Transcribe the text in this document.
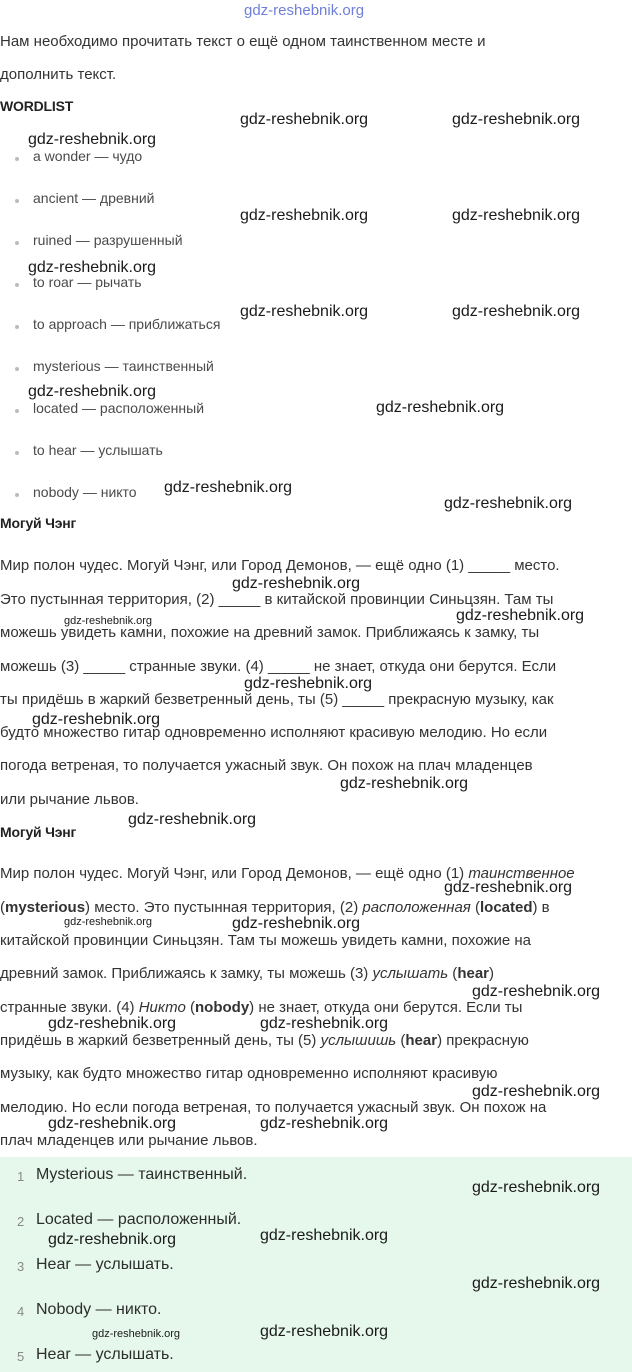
gdz-reshebnik.org
Нам необходимо прочитать текст о ещё одном таинственном месте и
дополнить текст.
WORDLIST
a wonder — чудо
ancient — древний
ruined — разрушенный
to roar — рычать
to approach — приближаться
mysterious — таинственный
located — расположенный
to hear — услышать
nobody — никто
Могуй Чэнг
Мир полон чудес. Могуй Чэнг, или Город Демонов, — ещё одно (1) _____ место.
Это пустынная территория, (2) _____ в китайской провинции Синьцзян. Там ты
можешь увидеть камни, похожие на древний замок. Приближаясь к замку, ты
можешь (3) _____ странные звуки. (4) _____ не знает, откуда они берутся. Если
ты придёшь в жаркий безветренный день, ты (5) _____ прекрасную музыку, как
будто множество гитар одновременно исполняют красивую мелодию. Но если
погода ветреная, то получается ужасный звук. Он похож на плач младенцев
или рычание львов.
Могуй Чэнг
Мир полон чудес. Могуй Чэнг, или Город Демонов, — ещё одно (1) таинственное
(mysterious) место. Это пустынная территория, (2) расположенная (located) в
китайской провинции Синьцзян. Там ты можешь увидеть камни, похожие на
древний замок. Приближаясь к замку, ты можешь (3) услышать (hear)
странные звуки. (4) Никто (nobody) не знает, откуда они берутся. Если ты
придёшь в жаркий безветренный день, ты (5) услышишь (hear) прекрасную
музыку, как будто множество гитар одновременно исполняют красивую
мелодию. Но если погода ветреная, то получается ужасный звук. Он похож на
плач младенцев или рычание львов.
1 Mysterious — таинственный.
2 Located — расположенный.
3 Hear — услышать.
4 Nobody — никто.
5 Hear — услышать.
gdz-reshebnik.org	gdz-reshebnik.org
gdz-reshebnik.org
gdz-reshebnik.org	gdz-reshebnik.org
gdz-reshebnik.org
gdz-reshebnik.org	gdz-reshebnik.org
gdz-reshebnik.org
gdz-reshebnik.org
gdz-reshebnik.org
gdz-reshebnik.org
gdz-reshebnik.org
gdz-reshebnik.org
gdz-reshebnik.org
gdz-reshebnik.org
gdz-reshebnik.org
gdz-reshebnik.org
gdz-reshebnik.org
gdz-reshebnik.org
gdz-reshebnik.org	gdz-reshebnik.org
gdz-reshebnik.org
gdz-reshebnik.org	gdz-reshebnik.org
gdz-reshebnik.org
gdz-reshebnik.org	gdz-reshebnik.org
gdz-reshebnik.org
gdz-reshebnik.org
gdz-reshebnik.org
gdz-reshebnik.org
gdz-reshebnik.org	gdz-reshebnik.org
